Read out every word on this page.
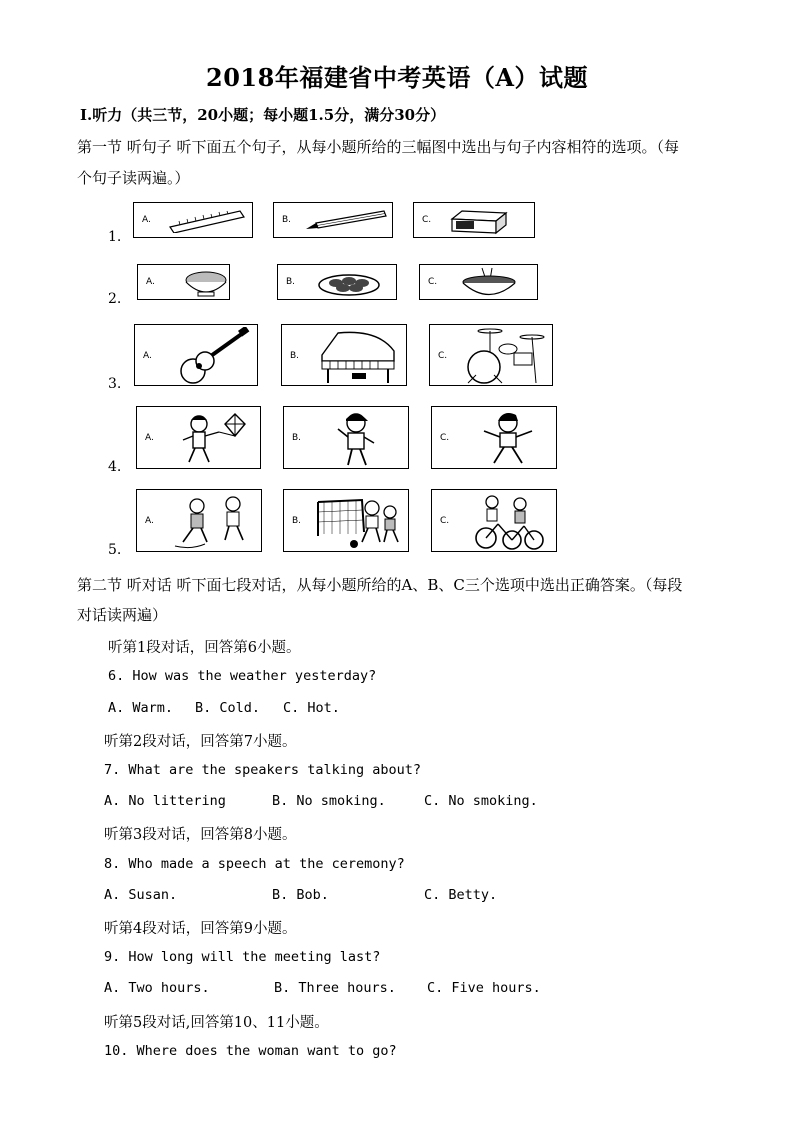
2018年福建省中考英语（A）试题
Ⅰ.听力（共三节，20小题；每小题1.5分，满分30分）
第一节 听句子 听下面五个句子，从每小题所给的三幅图中选出与句子内容相符的选项。（每
个句子读两遍。）
1.
A.	B.	C.
2.
A.	B.	C.
3.
A.	B.	C.
4.
A.	B.	C.
5.
A.	B.	C.
第二节 听对话 听下面七段对话，从每小题所给的A、B、C三个选项中选出正确答案。（每段
对话读两遍）
听第1段对话，回答第6小题。
6. How was the weather yesterday?
A. Warm. B. Cold. C. Hot.
听第2段对话，回答第7小题。
7. What are the speakers talking about?
A. No littering	B. No smoking.	C. No smoking.
听第3段对话，回答第8小题。
8. Who made a speech at the ceremony?
A. Susan.	B. Bob.	C. Betty.
听第4段对话，回答第9小题。
9. How long will the meeting last?
A. Two hours.	B. Three hours. C. Five hours.
听第5段对话,回答第10、11小题。
10. Where does the woman want to go?
